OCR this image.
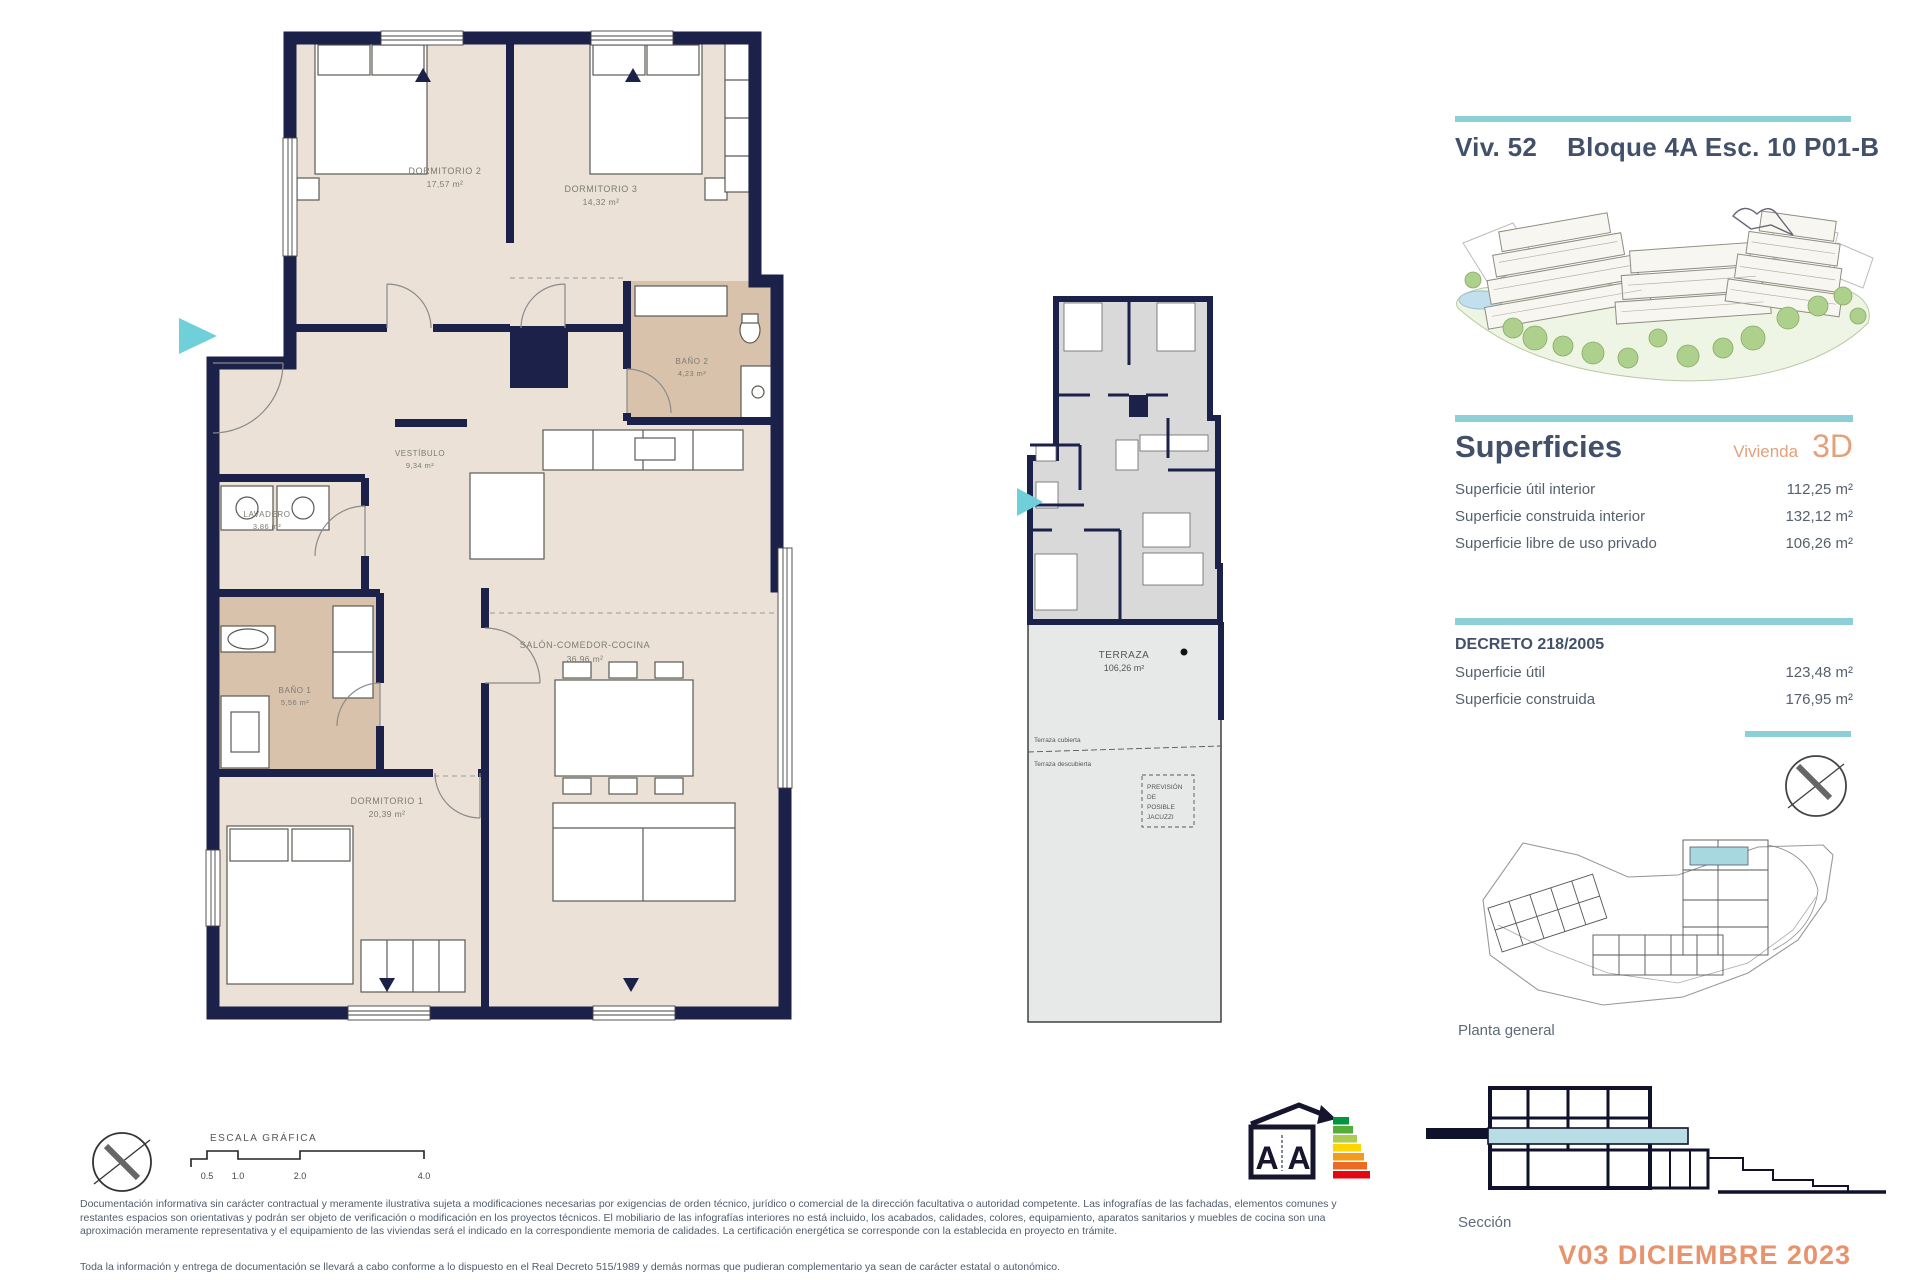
DORMITORIO 2
17,57 m²	DORMITORIO 3
14,32 m²
BAÑO 2
4,23 m²
VESTÍBULO
9,34 m²
LAVADERO
3,86 m²
BAÑO 1
5,56 m²
SALÓN-COMEDOR-COCINA
36,96 m²
DORMITORIO 1
20,39 m²
TERRAZA
106,26 m²
Terraza cubierta
Terraza descubierta
PREVISIÓN
DE
POSIBLE
JACUZZI
Viv. 52 Bloque 4A Esc. 10 P01-B
Superficies	Vivienda 3D
Superficie útil interior	112,25 m²
Superficie construida interior	132,12 m²
Superficie libre de uso privado	106,26 m²
DECRETO 218/2005
Superficie útil	123,48 m²
Superficie construida	176,95 m²
Planta general
Sección
V03 DICIEMBRE 2023
ESCALA GRÁFICA
0.5 1.0	2.0	4.0	A A
Documentación informativa sin carácter contractual y meramente ilustrativa sujeta a modificaciones necesarias por exigencias de orden técnico, jurídico o comercial de la dirección facultativa o autoridad competente. Las infografías de las fachadas, elementos comunes y restantes espacios son orientativas y podrán ser objeto de verificación o modificación en los proyectos técnicos. El mobiliario de las infografías interiores no está incluido, los acabados, calidades, colores, equipamiento, aparatos sanitarios y muebles de cocina son una aproximación meramente representativa y el equipamiento de las viviendas será el indicado en la correspondiente memoria de calidades. La certificación energética se corresponde con la establecida en proyecto en trámite.
Toda la información y entrega de documentación se llevará a cabo conforme a lo dispuesto en el Real Decreto 515/1989 y demás normas que pudieran complementario ya sean de carácter estatal o autonómico.
